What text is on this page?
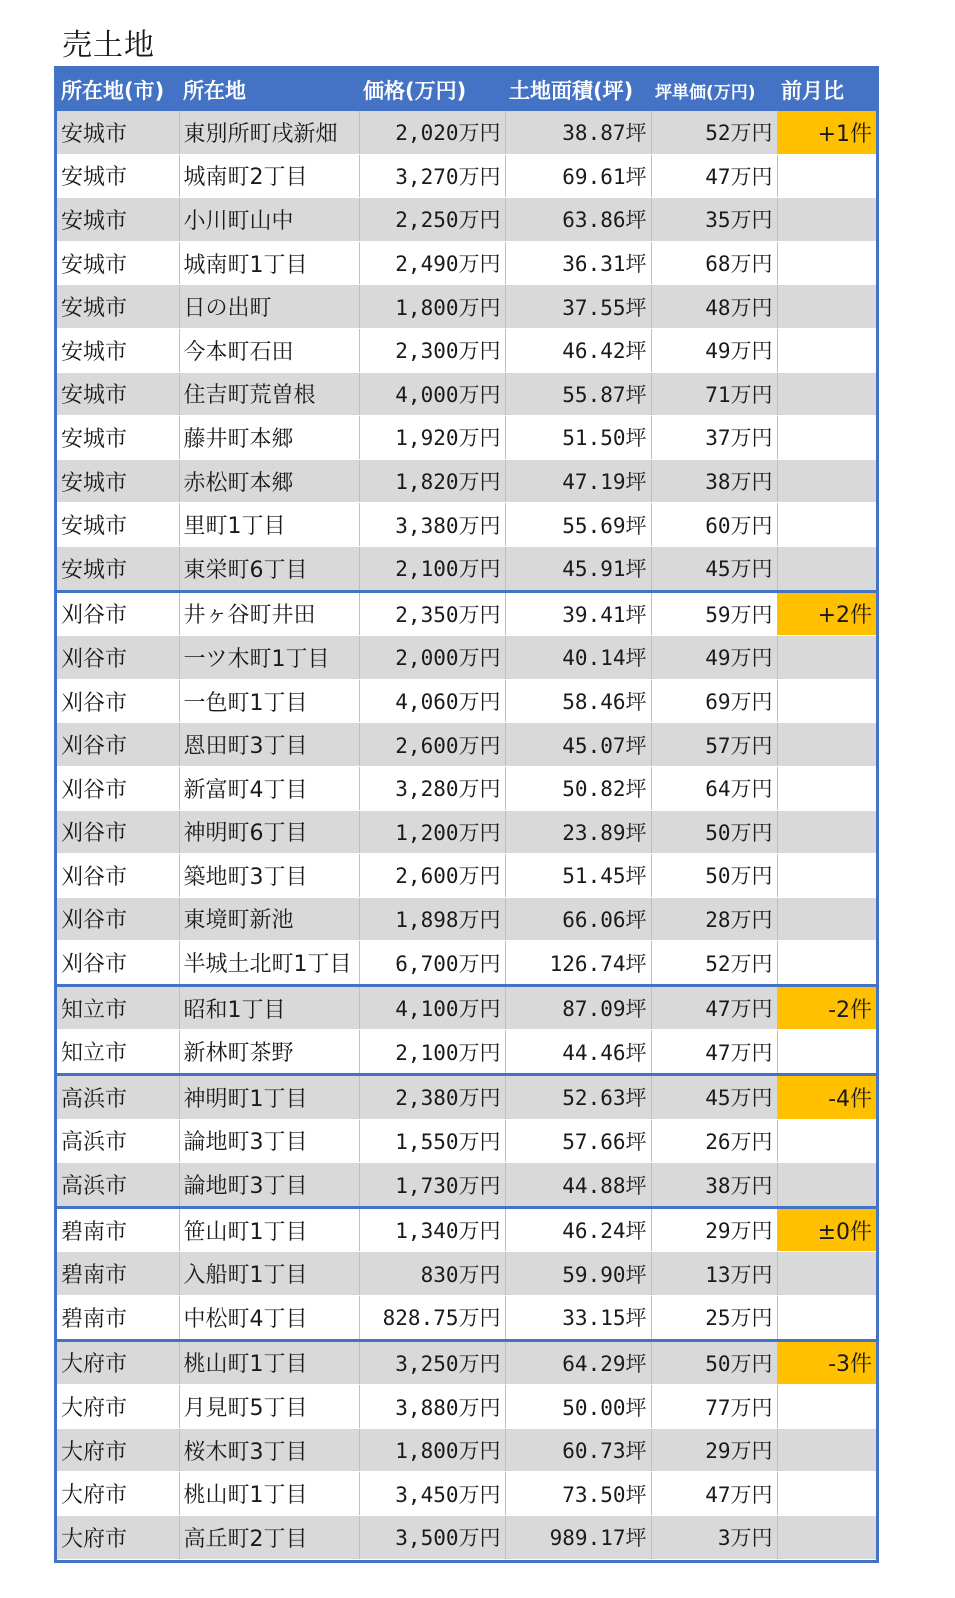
売土地
所在地(市)	所在地	価格(万円)	土地面積(坪)	坪単価(万円)	前月比
安城市	東別所町戌新畑	2,020万円	38.87坪	52万円	+1件
安城市	城南町2丁目	3,270万円	69.61坪	47万円	
安城市	小川町山中	2,250万円	63.86坪	35万円	
安城市	城南町1丁目	2,490万円	36.31坪	68万円	
安城市	日の出町	1,800万円	37.55坪	48万円	
安城市	今本町石田	2,300万円	46.42坪	49万円	
安城市	住吉町荒曽根	4,000万円	55.87坪	71万円	
安城市	藤井町本郷	1,920万円	51.50坪	37万円	
安城市	赤松町本郷	1,820万円	47.19坪	38万円	
安城市	里町1丁目	3,380万円	55.69坪	60万円	
安城市	東栄町6丁目	2,100万円	45.91坪	45万円	
刈谷市	井ヶ谷町井田	2,350万円	39.41坪	59万円	+2件
刈谷市	一ツ木町1丁目	2,000万円	40.14坪	49万円	
刈谷市	一色町1丁目	4,060万円	58.46坪	69万円	
刈谷市	恩田町3丁目	2,600万円	45.07坪	57万円	
刈谷市	新富町4丁目	3,280万円	50.82坪	64万円	
刈谷市	神明町6丁目	1,200万円	23.89坪	50万円	
刈谷市	築地町3丁目	2,600万円	51.45坪	50万円	
刈谷市	東境町新池	1,898万円	66.06坪	28万円	
刈谷市	半城土北町1丁目	6,700万円	126.74坪	52万円	
知立市	昭和1丁目	4,100万円	87.09坪	47万円	-2件
知立市	新林町茶野	2,100万円	44.46坪	47万円	
高浜市	神明町1丁目	2,380万円	52.63坪	45万円	-4件
高浜市	論地町3丁目	1,550万円	57.66坪	26万円	
高浜市	論地町3丁目	1,730万円	44.88坪	38万円	
碧南市	笹山町1丁目	1,340万円	46.24坪	29万円	±0件
碧南市	入船町1丁目	830万円	59.90坪	13万円	
碧南市	中松町4丁目	828.75万円	33.15坪	25万円	
大府市	桃山町1丁目	3,250万円	64.29坪	50万円	-3件
大府市	月見町5丁目	3,880万円	50.00坪	77万円	
大府市	桜木町3丁目	1,800万円	60.73坪	29万円	
大府市	桃山町1丁目	3,450万円	73.50坪	47万円	
大府市	高丘町2丁目	3,500万円	989.17坪	3万円	
